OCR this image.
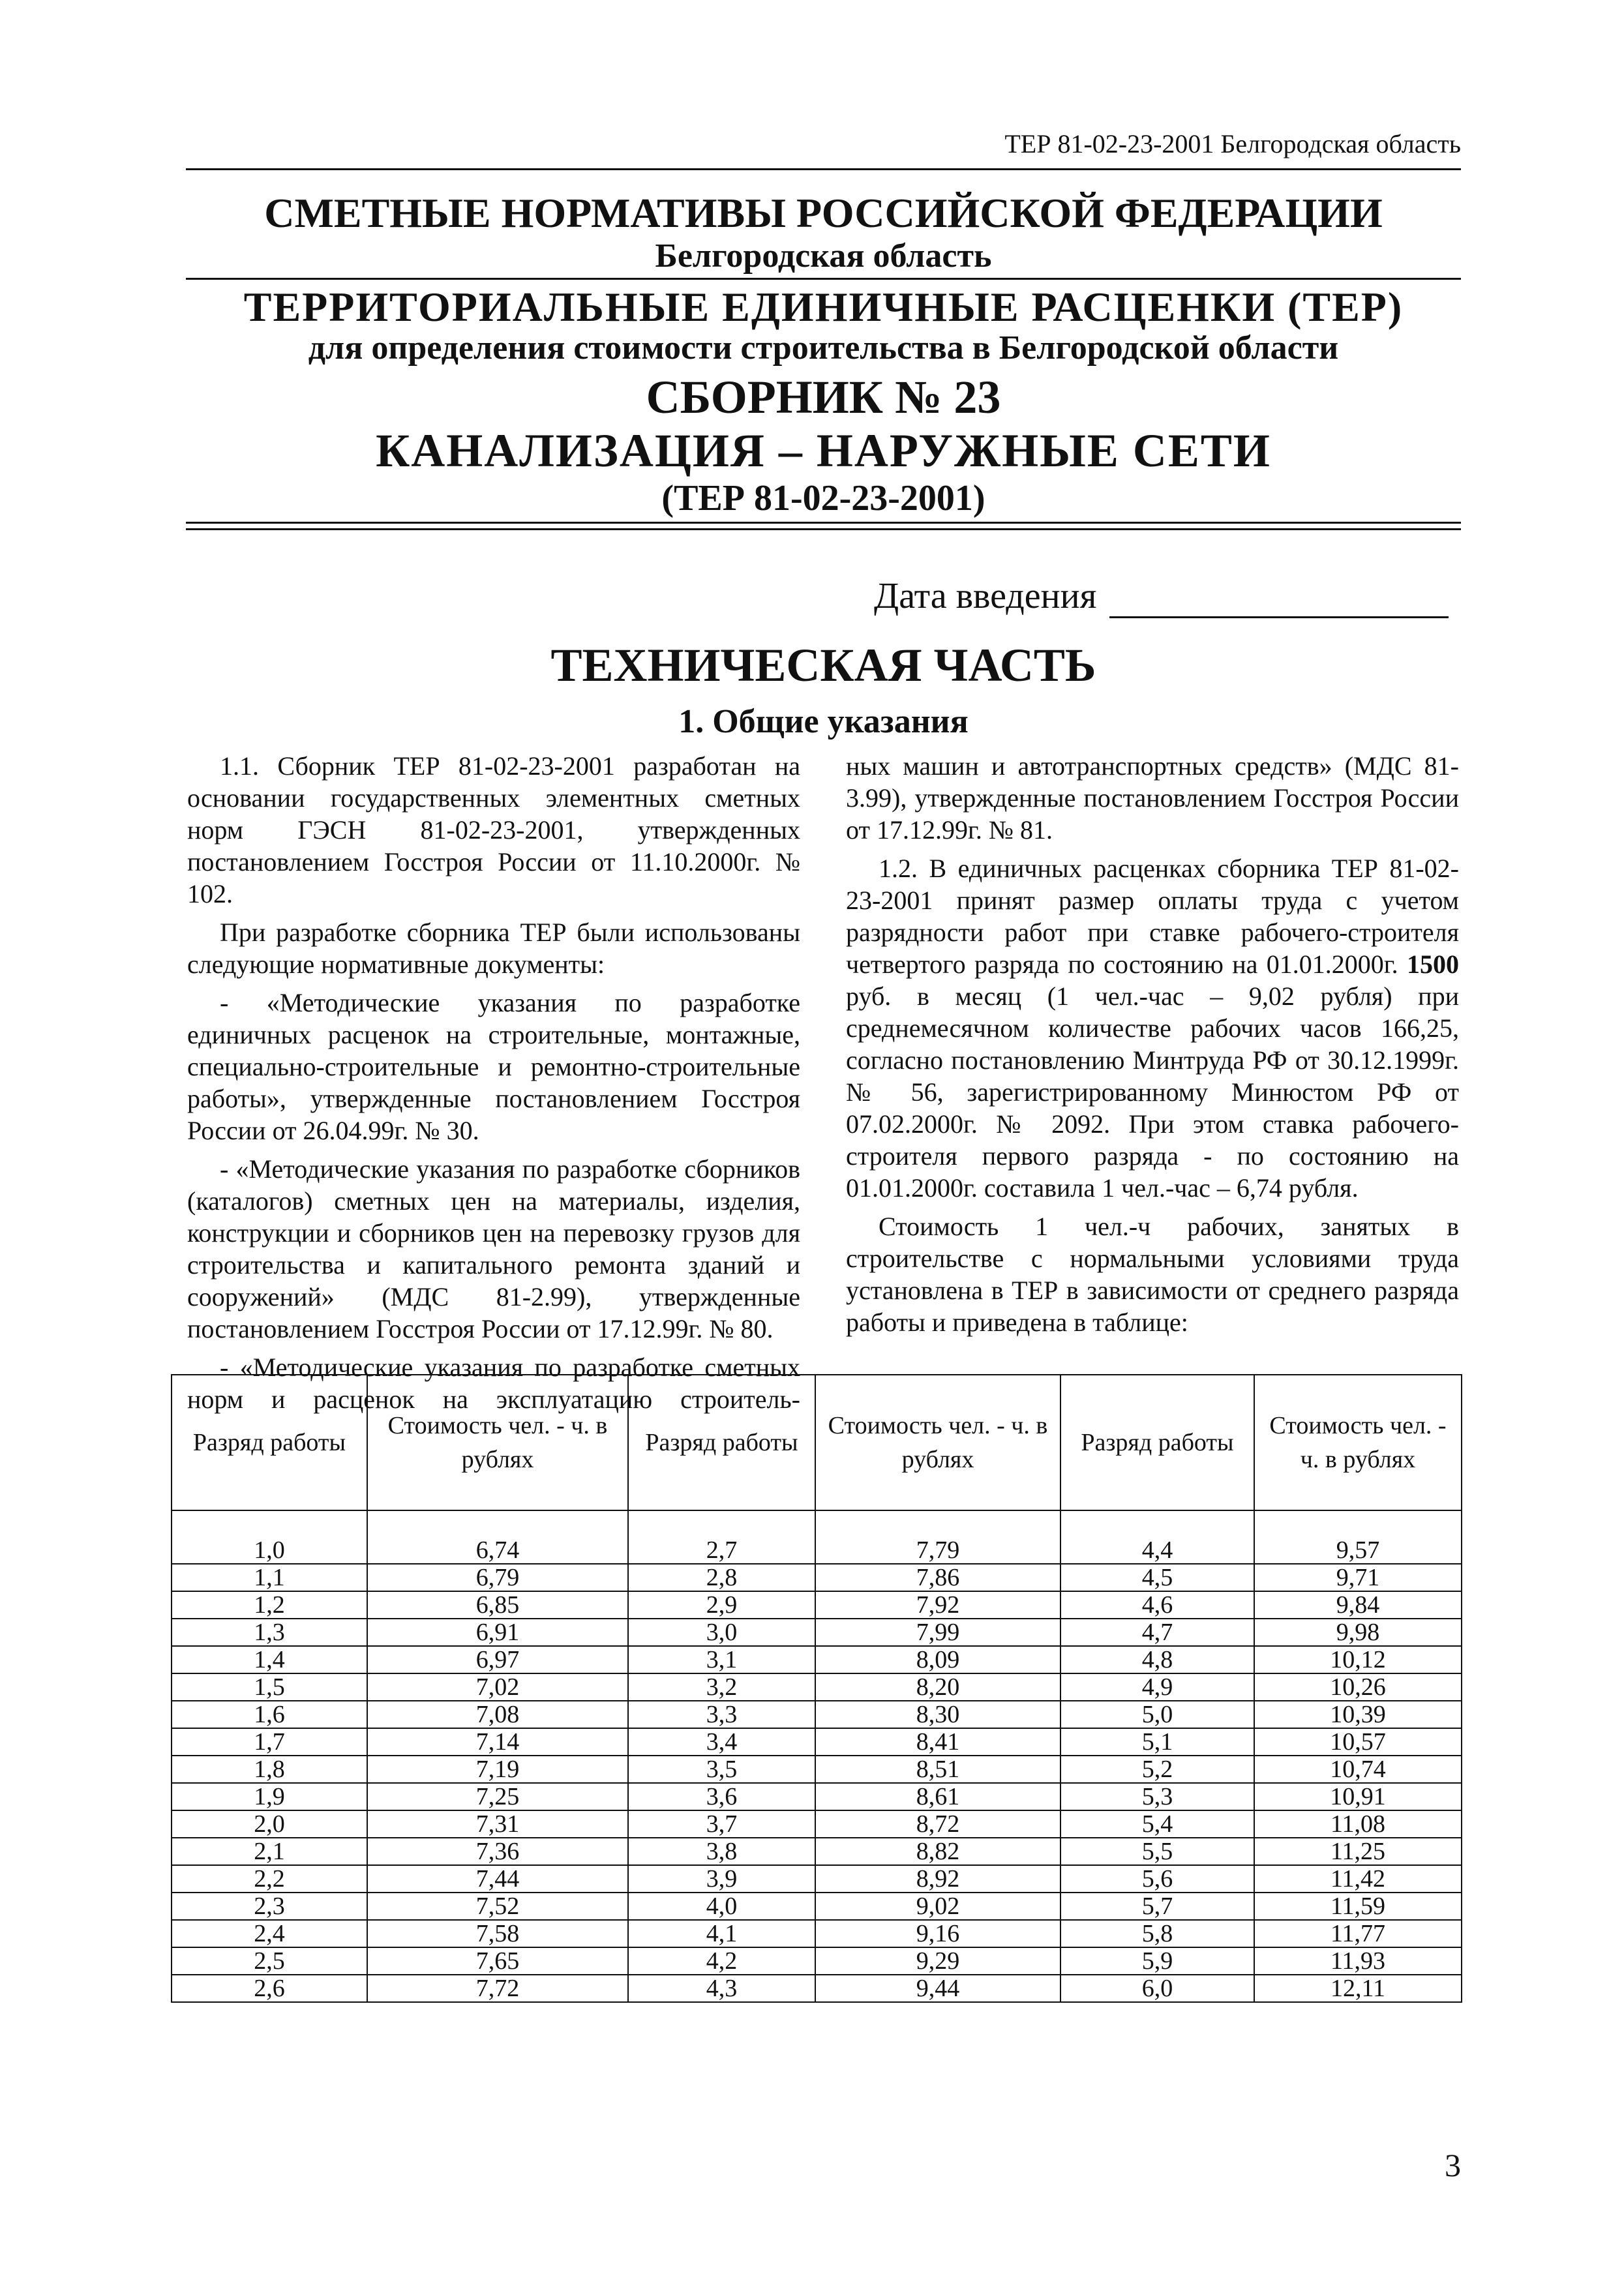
ТЕР 81-02-23-2001 Белгородская область
СМЕТНЫЕ НОРМАТИВЫ РОССИЙСКОЙ ФЕДЕРАЦИИ
Белгородская область
ТЕРРИТОРИАЛЬНЫЕ ЕДИНИЧНЫЕ РАСЦЕНКИ (ТЕР)
для определения стоимости строительства в Белгородской области
СБОРНИК № 23
КАНАЛИЗАЦИЯ – НАРУЖНЫЕ СЕТИ
(ТЕР 81-02-23-2001)
Дата введения
ТЕХНИЧЕСКАЯ ЧАСТЬ
1. Общие указания

1.1. Сборник ТЕР 81-02-23-2001 разработан на основании государственных элементных сметных норм ГЭСН 81-02-23-2001, утвержденных постановлением Госстроя России от 11.10.2000г. № 102.

При разработке сборника ТЕР были использованы следующие нормативные документы:

- «Методические указания по разработке единичных расценок на строительные, монтажные, специально-строительные и ремонтно-строительные работы», утвержденные постановлением Госстроя России от 26.04.99г. № 30.

- «Методические указания по разработке сборников (каталогов) сметных цен на материалы, изделия, конструкции и сборников цен на перевозку грузов для строительства и капитального ремонта зданий и сооружений» (МДС 81-2.99), утвержденные постановлением Госстроя России от 17.12.99г. № 80.

- «Методические указания по разработке сметных норм и расценок на эксплуатацию строитель-

ных машин и автотранспортных средств» (МДС 81-3.99), утвержденные постановлением Госстроя России от 17.12.99г. № 81.

1.2. В единичных расценках сборника ТЕР 81-02-23-2001 принят размер оплаты труда с учетом разрядности работ при ставке рабочего-строителя четвертого разряда по состоянию на 01.01.2000г. 1500 руб. в месяц (1 чел.-час – 9,02 рубля) при среднемесячном количестве рабочих часов 166,25, согласно постановлению Минтруда РФ от 30.12.1999г. № 56, зарегистрированному Минюстом РФ от 07.02.2000г. № 2092. При этом ставка рабочего-строителя первого разряда - по состоянию на 01.01.2000г. составила 1 чел.-час – 6,74 рубля.

Стоимость 1 чел.-ч рабочих, занятых в строительстве с нормальными условиями труда установлена в ТЕР в зависимости от среднего разряда работы и приведена в таблице:

Разряд работы	Стоимость чел. - ч. в рублях	Разряд работы	Стоимость чел. - ч. в рублях	Разряд работы	Стоимость чел. - ч. в рублях

1,0	6,74	2,7	7,79	4,4	9,57
1,1	6,79	2,8	7,86	4,5	9,71
1,2	6,85	2,9	7,92	4,6	9,84
1,3	6,91	3,0	7,99	4,7	9,98
1,4	6,97	3,1	8,09	4,8	10,12
1,5	7,02	3,2	8,20	4,9	10,26
1,6	7,08	3,3	8,30	5,0	10,39
1,7	7,14	3,4	8,41	5,1	10,57
1,8	7,19	3,5	8,51	5,2	10,74
1,9	7,25	3,6	8,61	5,3	10,91
2,0	7,31	3,7	8,72	5,4	11,08
2,1	7,36	3,8	8,82	5,5	11,25
2,2	7,44	3,9	8,92	5,6	11,42
2,3	7,52	4,0	9,02	5,7	11,59
2,4	7,58	4,1	9,16	5,8	11,77
2,5	7,65	4,2	9,29	5,9	11,93
2,6	7,72	4,3	9,44	6,0	12,11
3
